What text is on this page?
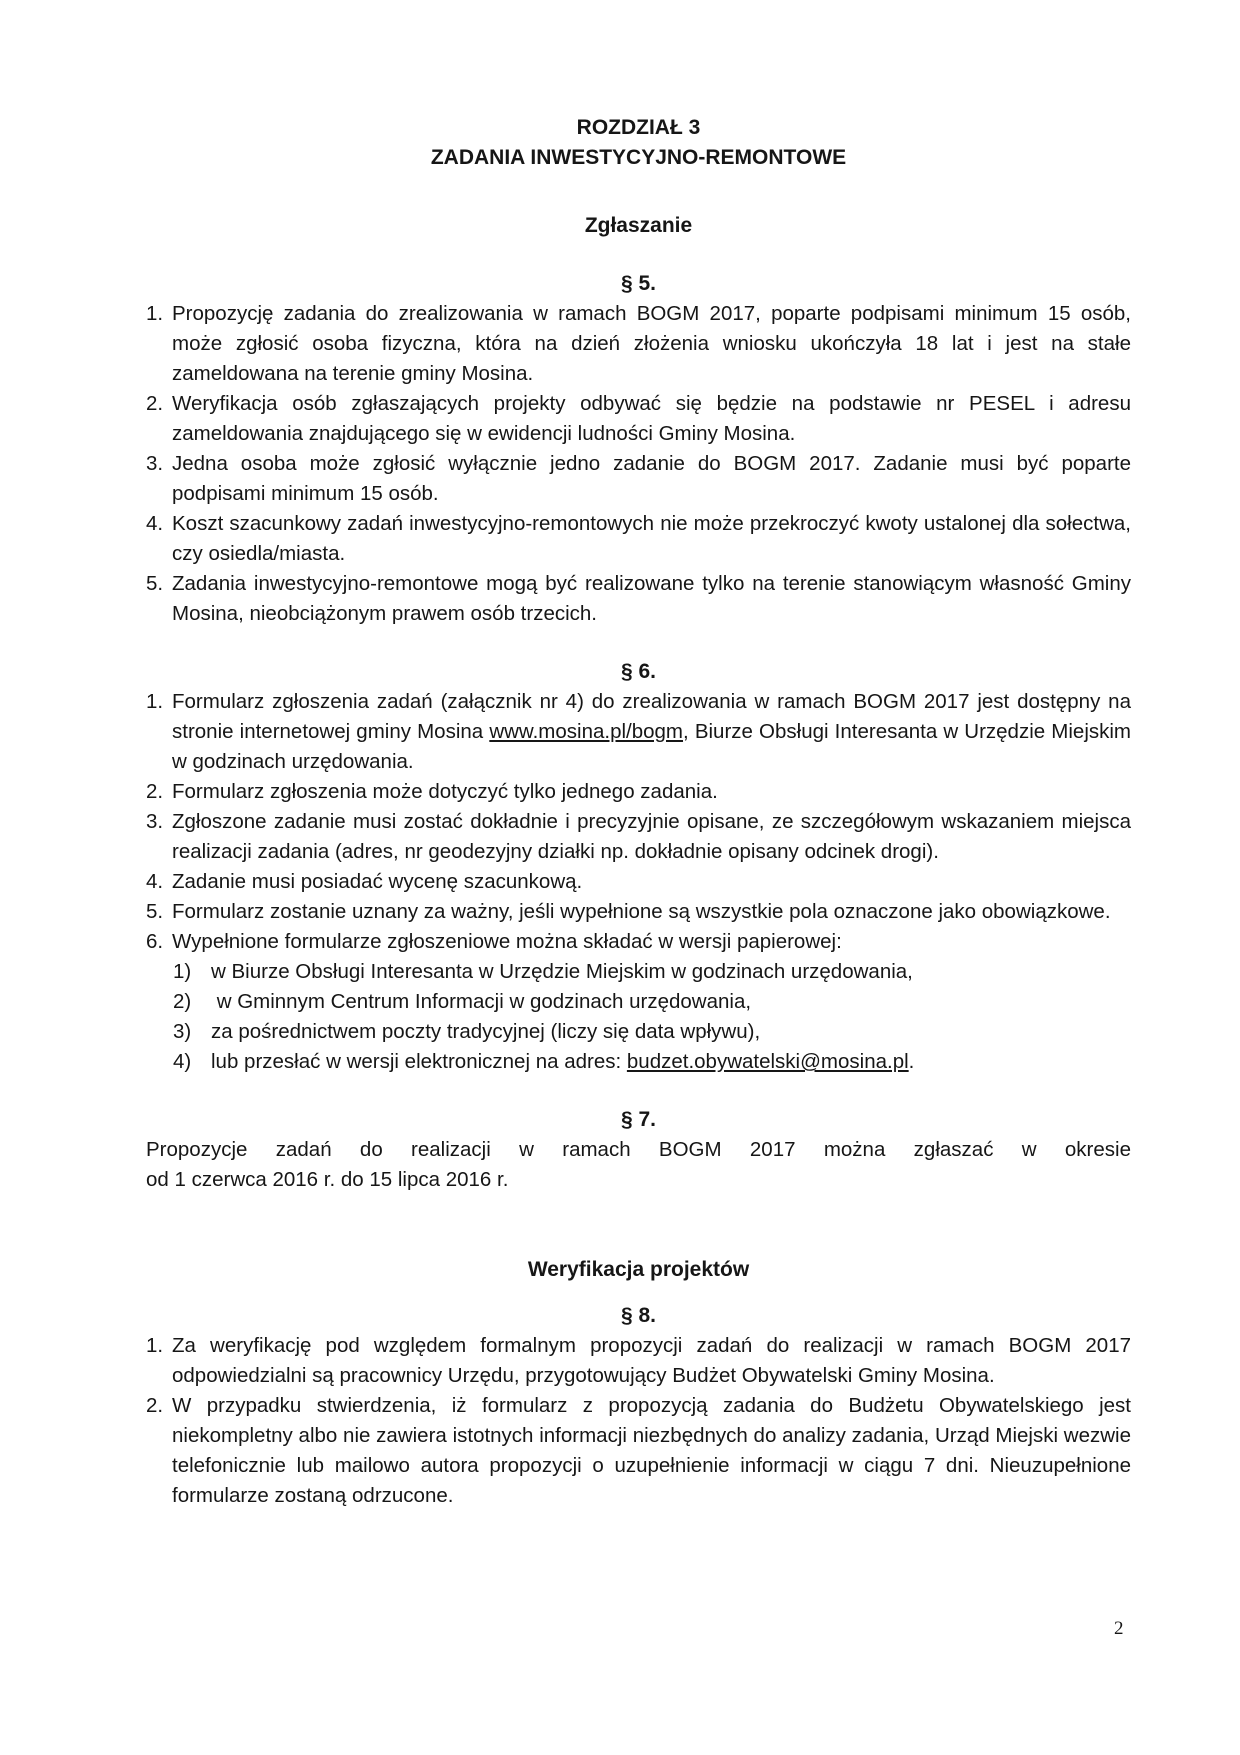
ROZDZIAŁ 3
ZADANIA INWESTYCYJNO-REMONTOWE
Zgłaszanie
§ 5.
1. Propozycję zadania do zrealizowania w ramach BOGM 2017, poparte podpisami minimum 15 osób, może zgłosić osoba fizyczna, która na dzień złożenia wniosku ukończyła 18 lat i jest na stałe zameldowana na terenie gminy Mosina.
2. Weryfikacja osób zgłaszających projekty odbywać się będzie na podstawie nr PESEL i adresu zameldowania znajdującego się w ewidencji ludności Gminy Mosina.
3. Jedna osoba może zgłosić wyłącznie jedno zadanie do BOGM 2017. Zadanie musi być poparte podpisami minimum 15 osób.
4. Koszt szacunkowy zadań inwestycyjno-remontowych nie może przekroczyć kwoty ustalonej dla sołectwa, czy osiedla/miasta.
5. Zadania inwestycyjno-remontowe mogą być realizowane tylko na terenie stanowiącym własność Gminy Mosina, nieobciążonym prawem osób trzecich.
§ 6.
1. Formularz zgłoszenia zadań (załącznik nr 4) do zrealizowania w ramach BOGM 2017 jest dostępny na stronie internetowej gminy Mosina www.mosina.pl/bogm, Biurze Obsługi Interesanta w Urzędzie Miejskim w godzinach urzędowania.
2. Formularz zgłoszenia może dotyczyć tylko jednego zadania.
3. Zgłoszone zadanie musi zostać dokładnie i precyzyjnie opisane, ze szczegółowym wskazaniem miejsca realizacji zadania (adres, nr geodezyjny działki np. dokładnie opisany odcinek drogi).
4. Zadanie musi posiadać wycenę szacunkową.
5. Formularz zostanie uznany za ważny, jeśli wypełnione są wszystkie pola oznaczone jako obowiązkowe.
6. Wypełnione formularze zgłoszeniowe można składać w wersji papierowej:
1) w Biurze Obsługi Interesanta w Urzędzie Miejskim w godzinach urzędowania,
2) w Gminnym Centrum Informacji w godzinach urzędowania,
3) za pośrednictwem poczty tradycyjnej (liczy się data wpływu),
4) lub przesłać w wersji elektronicznej na adres: budzet.obywatelski@mosina.pl.
§ 7.

Propozycje zadań do realizacji w ramach BOGM 2017 można zgłaszać w okresie

od 1 czerwca 2016 r. do 15 lipca 2016 r.

Weryfikacja projektów
§ 8.
1. Za weryfikację pod względem formalnym propozycji zadań do realizacji w ramach BOGM 2017 odpowiedzialni są pracownicy Urzędu, przygotowujący Budżet Obywatelski Gminy Mosina.
2. W przypadku stwierdzenia, iż formularz z propozycją zadania do Budżetu Obywatelskiego jest niekompletny albo nie zawiera istotnych informacji niezbędnych do analizy zadania, Urząd Miejski wezwie telefonicznie lub mailowo autora propozycji o uzupełnienie informacji w ciągu 7 dni. Nieuzupełnione formularze zostaną odrzucone.
2
